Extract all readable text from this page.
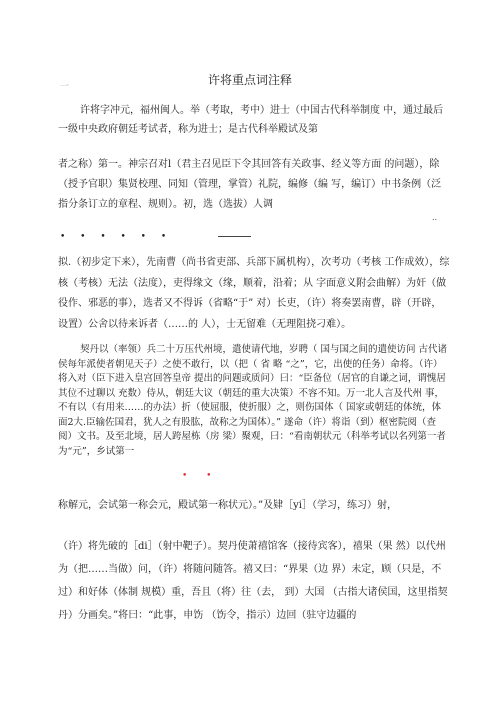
一	许将重点词注释
许将字冲元，福州闽人。举（考取，考中）进士（中国古代科举制度 中，通过最后一级中央政府朝廷考试者，称为进士；是古代科举殿试及第
者之称）第一。神宗召对l（君主召见臣下令其回答有关政事、经义等方面 的问题），除（授予官职）集贤校理、同知（管理，掌管）礼院，编修（编 写，编订）中书条例（泛指分条订立的章程、规则）。初，选（选拔）人调
..
• • • • • •
拟.（初步定下来），先南曹（尚书省吏部、兵部下属机构），次考功（考核 工作成效），综核（考核）无法（法度），吏得缘文（缘，顺着，沿着；从 字面意义附会曲解）为奸（做役作、邪恶的事），选者又不得诉（省略“于” 对）长吏，（许）将奏罢南曹，辟（开辟，设置）公舍以待来诉者（……的 人），士无留难（无理阻挠刁难）。
契丹以（率领）兵二十万压代州境，遣使请代地，岁聘（ 国与国之间的遣使访问 古代诸侯每年派使者朝见天子）之使不敢行，以（把（ 省 略 “之”，它，出使的任务）命将。（许）将入对（臣下进入皇宫回答皇帝 提出的问题或质问）曰：“臣备位（居官的自谦之词，谓愧居其位不过聊以 充数）侍从，朝廷大议（朝廷的重大决策）不容不知。万一北人言及代州 事，不有以（有用来……的办法）折（使屈服，使折服）之，则伤国体（ 国家或朝廷的体统，体面2大.臣输佐国君，犹人之有股肱，故称之为国体）。” 遂命（许）将诣（到）枢密院阅（查阅）文书。及至北境，居人跨屋栋（房 梁）聚观，曰：“看南朝状元（科举考试以名列第一者为“元”，乡试第一
• •
称解元，会试第一称会元，殿试第一称状元）。”及肄［yi］（学习，练习）射，
（许）将先破的［di］（射中靶子）。契丹使萧禧馆客（接待宾客），禧果（果 然）以代州为（把……当做）问，（许）将随问随答。禧又曰：“界果（边 界）未定，顾（只是，不过）和好体（体制 规模）重，吾且（将）往（去， 到）大国 （古指大诸侯国，这里指契丹）分画矣。”将曰：“此事，申饬 （饬令，指示）边回（驻守边疆的
